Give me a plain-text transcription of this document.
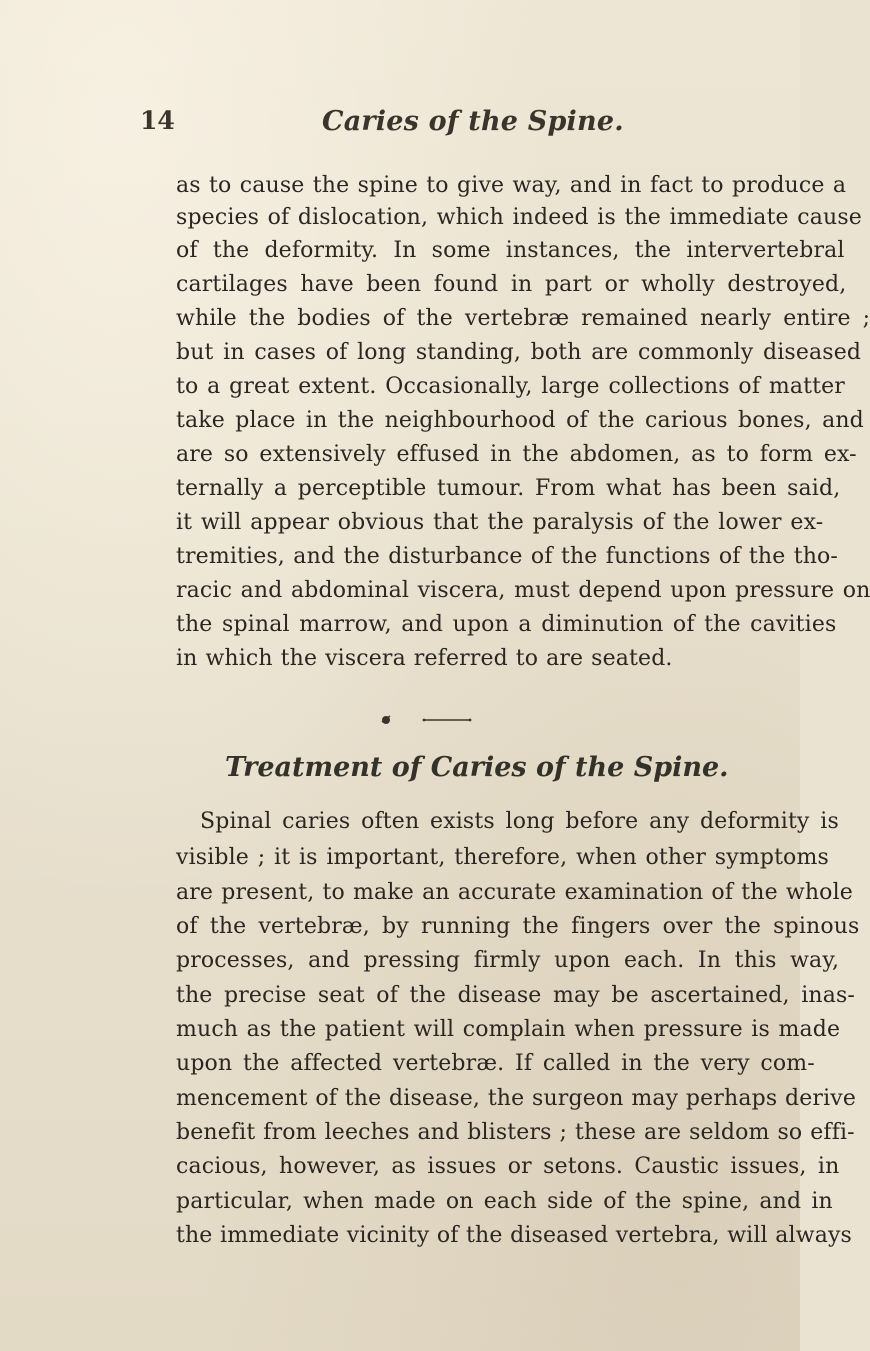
14	Caries of the Spine.
as to cause the spine to give way, and in fact to produce a
species of dislocation, which indeed is the immediate cause
of the deformity. In some instances, the intervertebral
cartilages have been found in part or wholly destroyed,
while the bodies of the vertebræ remained nearly entire ;
but in cases of long standing, both are commonly diseased
to a great extent. Occasionally, large collections of matter
take place in the neighbourhood of the carious bones, and
are so extensively effused in the abdomen, as to form ex-
ternally a perceptible tumour. From what has been said,
it will appear obvious that the paralysis of the lower ex-
tremities, and the disturbance of the functions of the tho-
racic and abdominal viscera, must depend upon pressure on
the spinal marrow, and upon a diminution of the cavities
in which the viscera referred to are seated.
Treatment of Caries of the Spine.
Spinal caries often exists long before any deformity is
visible ; it is important, therefore, when other symptoms
are present, to make an accurate examination of the whole
of the vertebræ, by running the fingers over the spinous
processes, and pressing firmly upon each. In this way,
the precise seat of the disease may be ascertained, inas-
much as the patient will complain when pressure is made
upon the affected vertebræ. If called in the very com-
mencement of the disease, the surgeon may perhaps derive
benefit from leeches and blisters ; these are seldom so effi-
cacious, however, as issues or setons. Caustic issues, in
particular, when made on each side of the spine, and in
the immediate vicinity of the diseased vertebra, will always
